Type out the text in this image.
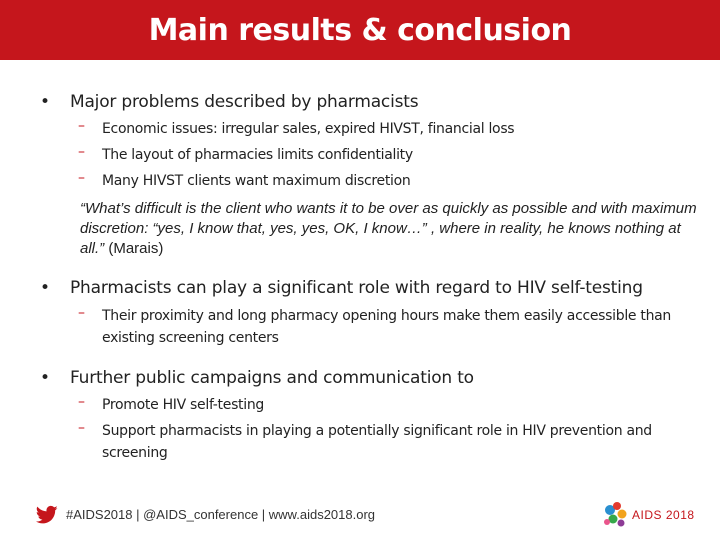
Main results & conclusion
• Major problems described by pharmacists
– Economic issues: irregular sales, expired HIVST, financial loss
– The layout of pharmacies limits confidentiality
– Many HIVST clients want maximum discretion
“What’s difficult is the client who wants it to be over as quickly as possible and with maximum discretion: “yes, I know that, yes, yes, OK, I know…” , where in reality, he knows nothing at all.” (Marais)
• Pharmacists can play a significant role with regard to HIV self-testing
– Their proximity and long pharmacy opening hours make them easily accessible than existing screening centers
• Further public campaigns and communication to
– Promote HIV self-testing
– Support pharmacists in playing a potentially significant role in HIV prevention and screening
#AIDS2018 | @AIDS_conference | www.aids2018.org	AIDS 2018
